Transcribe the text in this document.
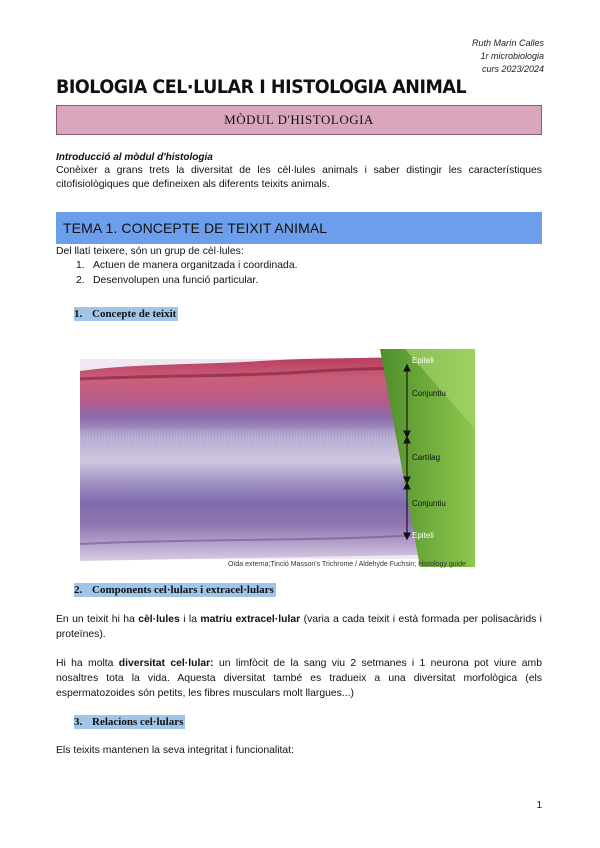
Ruth Marín Calles
1r microbiologia
curs 2023/2024
BIOLOGIA CEL·LULAR I HISTOLOGIA ANIMAL
MÒDUL D'HISTOLOGIA
Introducció al mòdul d'histologia
Conèixer a grans trets la diversitat de les cèl·lules animals i saber distingir les característiques citofisiològiques que defineixen als diferents teixits animals.
TEMA 1. CONCEPTE DE TEIXIT ANIMAL
Del llatí teixere, són un grup de cèl·lules:
1. Actuen de manera organitzada i coordinada.
2. Desenvolupen una funció particular.
1. Concepte de teixit
Epiteli
Conjuntiu
Cartílag
Conjuntiu
Epiteli
Oïda externa;Tinció Masson's Trichrome / Aldehyde Fuchsin; Histology guide
2. Components cel·lulars i extracel·lulars
En un teixit hi ha cèl·lules i la matriu extracel·lular (varia a cada teixit i està formada per polisacàrids i proteïnes).
Hi ha molta diversitat cel·lular: un limfòcit de la sang viu 2 setmanes i 1 neurona pot viure amb nosaltres tota la vida. Aquesta diversitat també es tradueix a una diversitat morfològica (els espermatozoides són petits, les fibres musculars molt llargues...)
3. Relacions cel·lulars
Els teixits mantenen la seva integritat i funcionalitat:
1
